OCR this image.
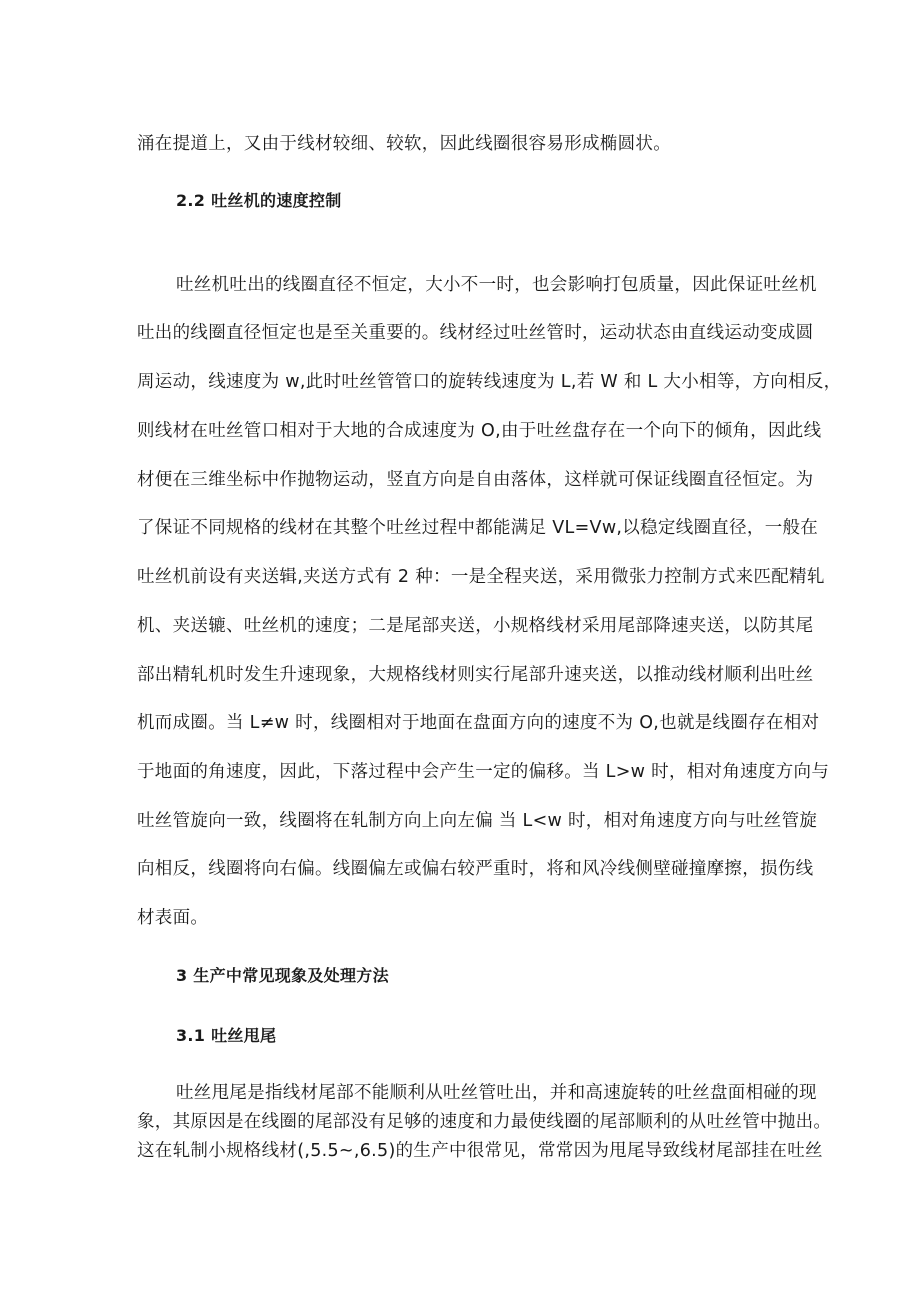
涌在提道上，又由于线材较细、较软，因此线圈很容易形成椭圆状。
2.2 吐丝机的速度控制
吐丝机吐出的线圈直径不恒定，大小不一时，也会影响打包质量，因此保证吐丝机
吐出的线圈直径恒定也是至关重要的。线材经过吐丝管时，运动状态由直线运动变成圆
周运动，线速度为 w,此时吐丝管管口的旋转线速度为 L,若 W 和 L 大小相等，方向相反，
则线材在吐丝管口相对于大地的合成速度为 O,由于吐丝盘存在一个向下的倾角，因此线
材便在三维坐标中作抛物运动，竖直方向是自由落体，这样就可保证线圈直径恒定。为
了保证不同规格的线材在其整个吐丝过程中都能满足 VL=Vw,以稳定线圈直径，一般在
吐丝机前设有夹送辑,夹送方式有 2 种：一是全程夹送，采用微张力控制方式来匹配精轧
机、夹送辘、吐丝机的速度；二是尾部夹送，小规格线材采用尾部降速夹送，以防其尾
部出精轧机时发生升速现象，大规格线材则实行尾部升速夹送，以推动线材顺利出吐丝
机而成圈。当 L≠w 时，线圈相对于地面在盘面方向的速度不为 O,也就是线圈存在相对
于地面的角速度，因此，下落过程中会产生一定的偏移。当 L>w 时，相对角速度方向与
吐丝管旋向一致，线圈将在轧制方向上向左偏 当 L<w 时，相对角速度方向与吐丝管旋
向相反，线圈将向右偏。线圈偏左或偏右较严重时，将和风冷线侧壁碰撞摩擦，损伤线
材表面。
3 生产中常见现象及处理方法
3.1 吐丝甩尾
吐丝甩尾是指线材尾部不能顺利从吐丝管吐出，并和高速旋转的吐丝盘面相碰的现
象，其原因是在线圈的尾部没有足够的速度和力最使线圈的尾部顺利的从吐丝管中抛出。
这在轧制小规格线材(,5.5~,6.5)的生产中很常见，常常因为甩尾导致线材尾部挂在吐丝
